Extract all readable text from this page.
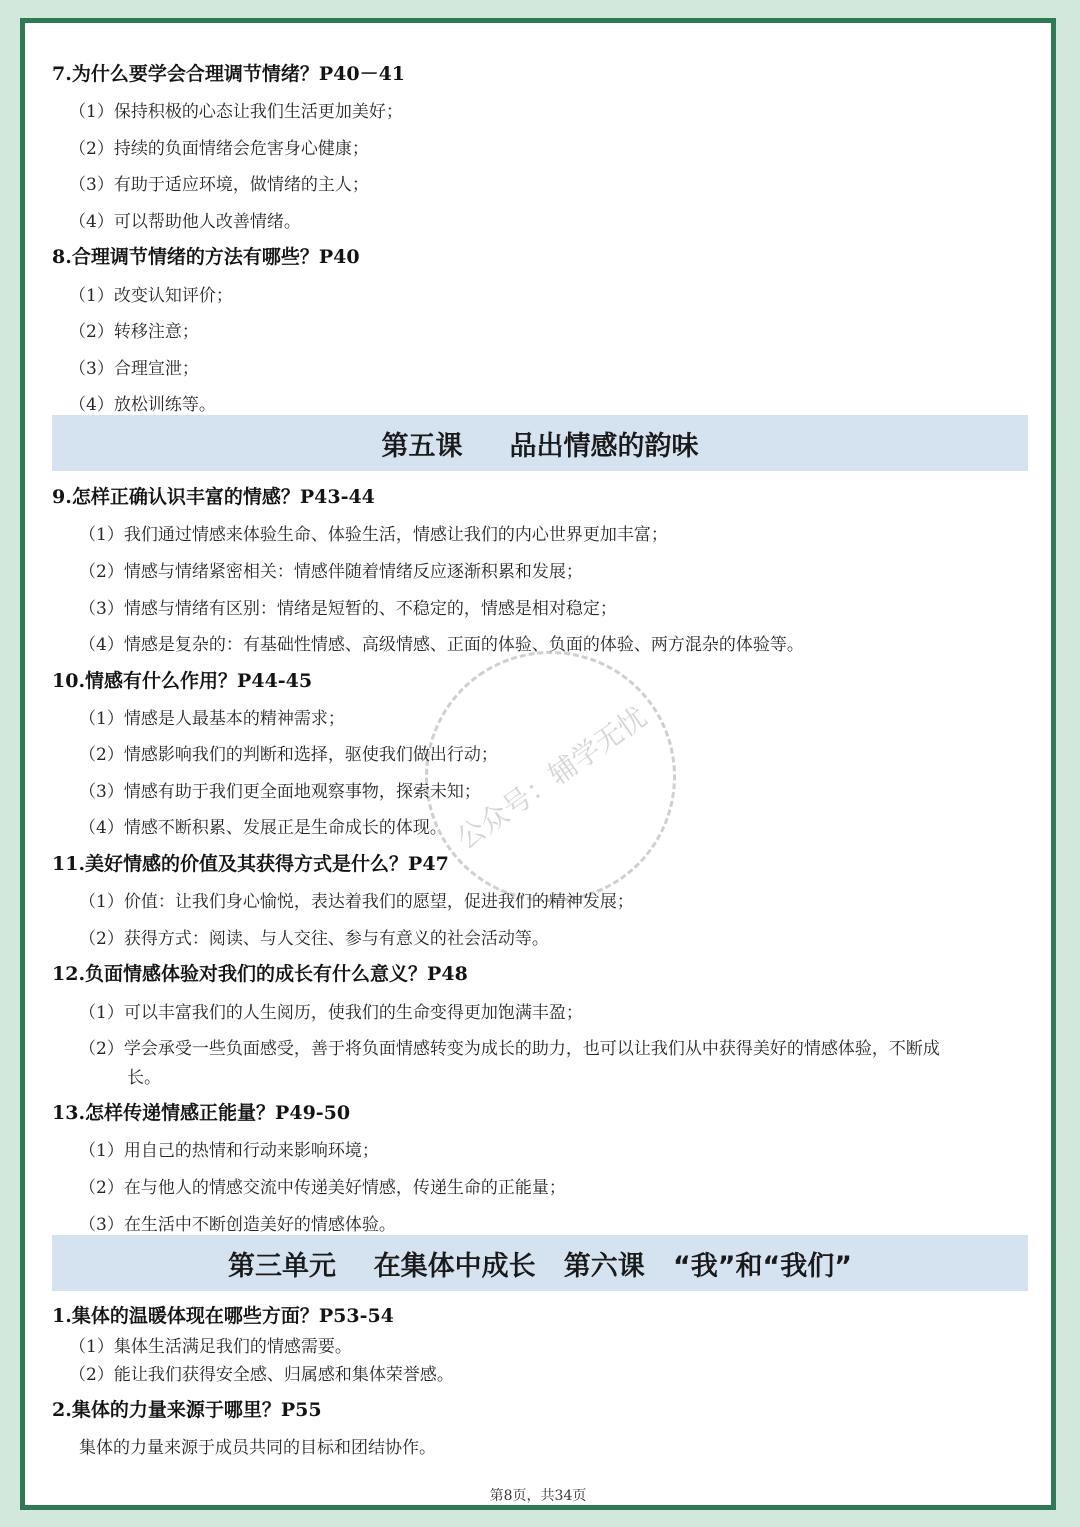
公众号：辅学无忧
7.为什么要学会合理调节情绪？P40－41
（1）保持积极的心态让我们生活更加美好；
（2）持续的负面情绪会危害身心健康；
（3）有助于适应环境，做情绪的主人；
（4）可以帮助他人改善情绪。
8.合理调节情绪的方法有哪些？P40
（1）改变认知评价；
（2）转移注意；
（3）合理宣泄；
（4）放松训练等。
第五课     品出情感的韵味
9.怎样正确认识丰富的情感？P43-44
（1）我们通过情感来体验生命、体验生活，情感让我们的内心世界更加丰富；
（2）情感与情绪紧密相关：情感伴随着情绪反应逐渐积累和发展；
（3）情感与情绪有区别：情绪是短暂的、不稳定的，情感是相对稳定；
（4）情感是复杂的：有基础性情感、高级情感、正面的体验、负面的体验、两方混杂的体验等。
10.情感有什么作用？P44-45
（1）情感是人最基本的精神需求；
（2）情感影响我们的判断和选择，驱使我们做出行动；
（3）情感有助于我们更全面地观察事物，探索未知；
（4）情感不断积累、发展正是生命成长的体现。
11.美好情感的价值及其获得方式是什么？P47
（1）价值：让我们身心愉悦，表达着我们的愿望，促进我们的精神发展；
（2）获得方式：阅读、与人交往、参与有意义的社会活动等。
12.负面情感体验对我们的成长有什么意义？P48
（1）可以丰富我们的人生阅历，使我们的生命变得更加饱满丰盈；
（2）学会承受一些负面感受，善于将负面情感转变为成长的助力，也可以让我们从中获得美好的情感体验，不断成
长。
13.怎样传递情感正能量？P49-50
（1）用自己的热情和行动来影响环境；
（2）在与他人的情感交流中传递美好情感，传递生命的正能量；
（3）在生活中不断创造美好的情感体验。
第三单元    在集体中成长   第六课   “我”和“我们”
1.集体的温暖体现在哪些方面？P53-54
（1）集体生活满足我们的情感需要。
（2）能让我们获得安全感、归属感和集体荣誉感。
2.集体的力量来源于哪里？P55
集体的力量来源于成员共同的目标和团结协作。
第8页，共34页
